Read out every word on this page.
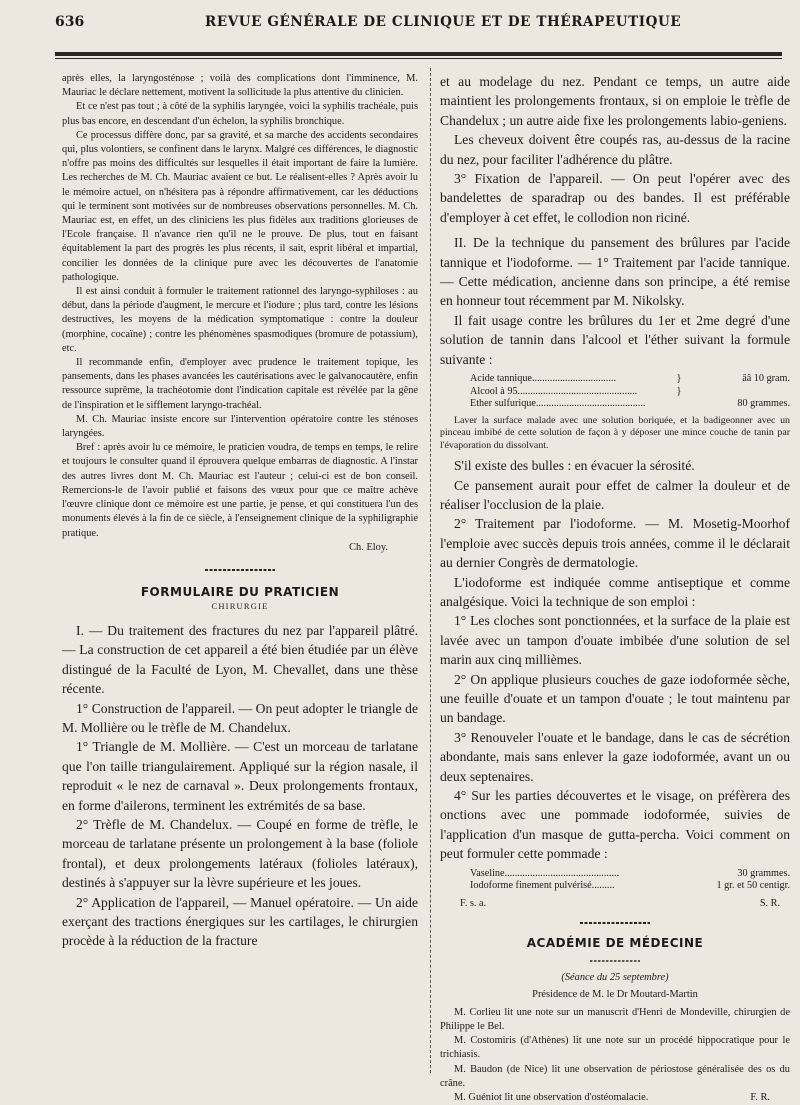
636	REVUE GÉNÉRALE DE CLINIQUE ET DE THÉRAPEUTIQUE

après elles, la laryngosténose ; voilà des complications dont l'imminence, M. Mauriac le déclare nettement, motivent la sollicitude la plus attentive du clinicien.

Et ce n'est pas tout ; à côté de la syphilis laryngée, voici la syphilis trachéale, puis plus bas encore, en descendant d'un échelon, la syphilis bronchique.

Ce processus diffère donc, par sa gravité, et sa marche des accidents secondaires qui, plus volontiers, se confinent dans le larynx. Malgré ces différences, le diagnostic n'offre pas moins des difficultés sur lesquelles il était important de faire la lumière. Les recherches de M. Ch. Mauriac avaient ce but. Le réalisent-elles ? Après avoir lu le mémoire actuel, on n'hésitera pas à répondre affirmativement, car les déductions qui le terminent sont motivées sur de nombreuses observations personnelles. M. Ch. Mauriac est, en effet, un des cliniciens les plus fidèles aux traditions glorieuses de l'Ecole française. Il n'avance rien qu'il ne le prouve. De plus, tout en faisant équitablement la part des progrès les plus récents, il sait, esprit libéral et impartial, concilier les données de la clinique pure avec les découvertes de l'anatomie pathologique.

Il est ainsi conduit à formuler le traitement rationnel des laryngo-syphiloses : au début, dans la période d'augment, le mercure et l'iodure ; plus tard, contre les lésions destructives, les moyens de la médication symptomatique : contre la douleur (morphine, cocaïne) ; contre les phénomènes spasmodiques (bromure de potassium), etc.

Il recommande enfin, d'employer avec prudence le traitement topique, les pansements, dans les phases avancées les cautérisations avec le galvanocautère, enfin ressource suprême, la trachéotomie dont l'indication capitale est révélée par la gêne de l'inspiration et le sifflement laryngo-trachéal.

M. Ch. Mauriac insiste encore sur l'intervention opératoire contre les sténoses laryngées.

Bref : après avoir lu ce mémoire, le praticien voudra, de temps en temps, le relire et toujours le consulter quand il éprouvera quelque embarras de diagnostic. A l'instar des autres livres dont M. Ch. Mauriac est l'auteur ; celui-ci est de bon conseil. Remercions-le de l'avoir publié et faisons des vœux pour que ce maître achève l'œuvre clinique dont ce mémoire est une partie, je pense, et qui constituera l'un des monuments élevés à la fin de ce siècle, à l'enseignement clinique de la syphiligraphie pratique.

Ch. Eloy.

FORMULAIRE DU PRATICIEN

CHIRURGIE

I. — Du traitement des fractures du nez par l'appareil plâtré. — La construction de cet appareil a été bien étudiée par un élève distingué de la Faculté de Lyon, M. Chevallet, dans une thèse récente.

1° Construction de l'appareil. — On peut adopter le triangle de M. Mollière ou le trèfle de M. Chandelux.

1° Triangle de M. Mollière. — C'est un morceau de tarlatane que l'on taille triangulairement. Appliqué sur la région nasale, il reproduit « le nez de carnaval ». Deux prolongements frontaux, en forme d'ailerons, terminent les extrémités de sa base.

2° Trèfle de M. Chandelux. — Coupé en forme de trèfle, le morceau de tarlatane présente un prolongement à la base (foliole frontal), et deux prolongements latéraux (folioles latéraux), destinés à s'appuyer sur la lèvre supérieure et les joues.

2° Application de l'appareil, — Manuel opératoire. — Un aide exerçant des tractions énergiques sur les cartilages, le chirurgien procède à la réduction de la fracture

et au modelage du nez. Pendant ce temps, un autre aide maintient les prolongements frontaux, si on emploie le trèfle de Chandelux ; un autre aide fixe les prolongements labio-geniens.

Les cheveux doivent être coupés ras, au-dessus de la racine du nez, pour faciliter l'adhérence du plâtre.

3° Fixation de l'appareil. — On peut l'opérer avec des bandelettes de sparadrap ou des bandes. Il est préférable d'employer à cet effet, le collodion non riciné.

II. De la technique du pansement des brûlures par l'acide tannique et l'iodoforme. — 1° Traitement par l'acide tannique. — Cette médication, ancienne dans son principe, a été remise en honneur tout récemment par M. Nikolsky.

Il fait usage contre les brûlures du 1er et 2me degré d'une solution de tannin dans l'alcool et l'éther suivant la formule suivante :

Acide tannique.................................	}	ââ 10 gram.
Alcool à 95...............................................	}
Ether sulfurique...........................................	80 grammes.

Laver la surface malade avec une solution boriquée, et la badigeonner avec un pinceau imbibé de cette solution de façon à y déposer une mince couche de tanin par l'évaporation du dissolvant.

S'il existe des bulles : en évacuer la sérosité.

Ce pansement aurait pour effet de calmer la douleur et de réaliser l'occlusion de la plaie.

2° Traitement par l'iodoforme. — M. Mosetig-Moorhof l'emploie avec succès depuis trois années, comme il le déclarait au dernier Congrès de dermatologie.

L'iodoforme est indiquée comme antiseptique et comme analgésique. Voici la technique de son emploi :

1° Les cloches sont ponctionnées, et la surface de la plaie est lavée avec un tampon d'ouate imbibée d'une solution de sel marin aux cinq millièmes.

2° On applique plusieurs couches de gaze iodoformée sèche, une feuille d'ouate et un tampon d'ouate ; le tout maintenu par un bandage.

3° Renouveler l'ouate et le bandage, dans le cas de sécrétion abondante, mais sans enlever la gaze iodoformée, avant un ou deux septenaires.

4° Sur les parties découvertes et le visage, on préfèrera des onctions avec une pommade iodoformée, suivies de l'application d'un masque de gutta-percha. Voici comment on peut formuler cette pommade :

Vaseline.............................................	30 grammes.
Iodoforme finement pulvérisé.........	1 gr. et 50 centigr.
F. s. a.	S. R.

ACADÉMIE DE MÉDECINE

(Séance du 25 septembre)

Présidence de M. le Dr Moutard-Martin

M. Corlieu lit une note sur un manuscrit d'Henri de Mondeville, chirurgien de Philippe le Bel.

M. Costomiris (d'Athènes) lit une note sur un procédé hippocratique pour le trichiasis.

M. Baudon (de Nice) lit une observation de périostose généralisée des os du crâne.

M. Guéniot lit une observation d'ostéomalacie.	F. R.
